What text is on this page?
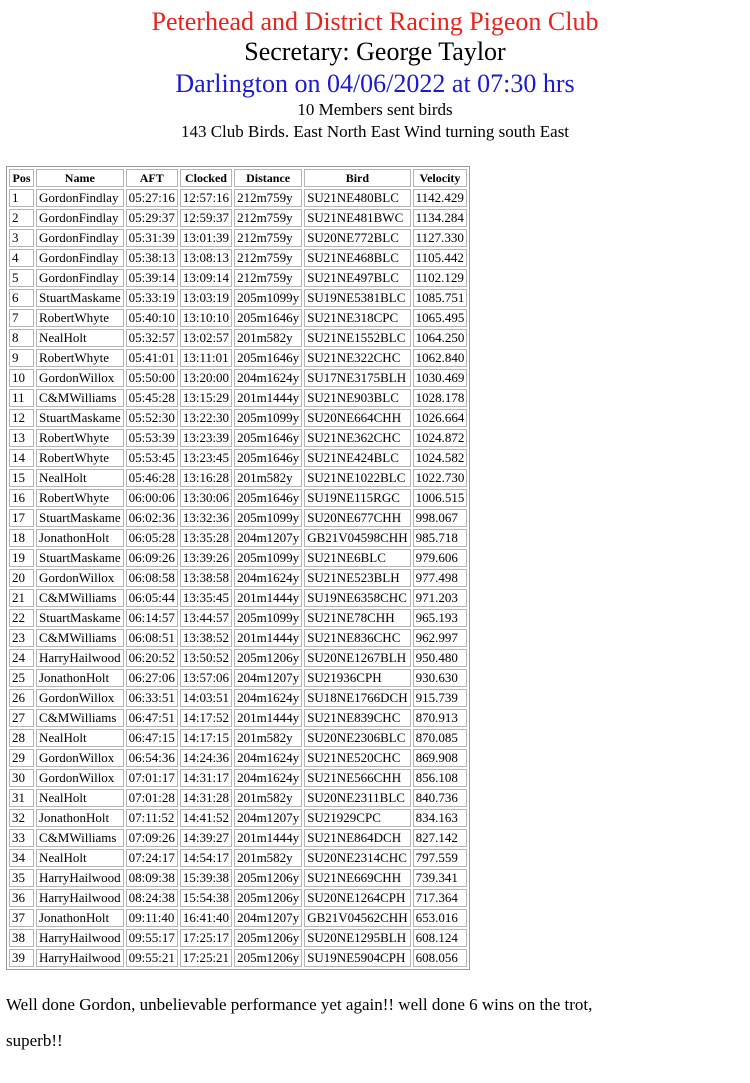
Peterhead and District Racing Pigeon Club
Secretary: George Taylor
Darlington on 04/06/2022 at 07:30 hrs
10 Members sent birds
143 Club Birds. East North East Wind turning south East
Pos	Name	AFT	Clocked	Distance	Bird	Velocity
1	GordonFindlay	05:27:16	12:57:16	212m759y	SU21NE480BLC	1142.429
2	GordonFindlay	05:29:37	12:59:37	212m759y	SU21NE481BWC	1134.284
3	GordonFindlay	05:31:39	13:01:39	212m759y	SU20NE772BLC	1127.330
4	GordonFindlay	05:38:13	13:08:13	212m759y	SU21NE468BLC	1105.442
5	GordonFindlay	05:39:14	13:09:14	212m759y	SU21NE497BLC	1102.129
6	StuartMaskame	05:33:19	13:03:19	205m1099y	SU19NE5381BLC	1085.751
7	RobertWhyte	05:40:10	13:10:10	205m1646y	SU21NE318CPC	1065.495
8	NealHolt	05:32:57	13:02:57	201m582y	SU21NE1552BLC	1064.250
9	RobertWhyte	05:41:01	13:11:01	205m1646y	SU21NE322CHC	1062.840
10	GordonWillox	05:50:00	13:20:00	204m1624y	SU17NE3175BLH	1030.469
11	C&MWilliams	05:45:28	13:15:29	201m1444y	SU21NE903BLC	1028.178
12	StuartMaskame	05:52:30	13:22:30	205m1099y	SU20NE664CHH	1026.664
13	RobertWhyte	05:53:39	13:23:39	205m1646y	SU21NE362CHC	1024.872
14	RobertWhyte	05:53:45	13:23:45	205m1646y	SU21NE424BLC	1024.582
15	NealHolt	05:46:28	13:16:28	201m582y	SU21NE1022BLC	1022.730
16	RobertWhyte	06:00:06	13:30:06	205m1646y	SU19NE115RGC	1006.515
17	StuartMaskame	06:02:36	13:32:36	205m1099y	SU20NE677CHH	998.067
18	JonathonHolt	06:05:28	13:35:28	204m1207y	GB21V04598CHH	985.718
19	StuartMaskame	06:09:26	13:39:26	205m1099y	SU21NE6BLC	979.606
20	GordonWillox	06:08:58	13:38:58	204m1624y	SU21NE523BLH	977.498
21	C&MWilliams	06:05:44	13:35:45	201m1444y	SU19NE6358CHC	971.203
22	StuartMaskame	06:14:57	13:44:57	205m1099y	SU21NE78CHH	965.193
23	C&MWilliams	06:08:51	13:38:52	201m1444y	SU21NE836CHC	962.997
24	HarryHailwood	06:20:52	13:50:52	205m1206y	SU20NE1267BLH	950.480
25	JonathonHolt	06:27:06	13:57:06	204m1207y	SU21936CPH	930.630
26	GordonWillox	06:33:51	14:03:51	204m1624y	SU18NE1766DCH	915.739
27	C&MWilliams	06:47:51	14:17:52	201m1444y	SU21NE839CHC	870.913
28	NealHolt	06:47:15	14:17:15	201m582y	SU20NE2306BLC	870.085
29	GordonWillox	06:54:36	14:24:36	204m1624y	SU21NE520CHC	869.908
30	GordonWillox	07:01:17	14:31:17	204m1624y	SU21NE566CHH	856.108
31	NealHolt	07:01:28	14:31:28	201m582y	SU20NE2311BLC	840.736
32	JonathonHolt	07:11:52	14:41:52	204m1207y	SU21929CPC	834.163
33	C&MWilliams	07:09:26	14:39:27	201m1444y	SU21NE864DCH	827.142
34	NealHolt	07:24:17	14:54:17	201m582y	SU20NE2314CHC	797.559
35	HarryHailwood	08:09:38	15:39:38	205m1206y	SU21NE669CHH	739.341
36	HarryHailwood	08:24:38	15:54:38	205m1206y	SU20NE1264CPH	717.364
37	JonathonHolt	09:11:40	16:41:40	204m1207y	GB21V04562CHH	653.016
38	HarryHailwood	09:55:17	17:25:17	205m1206y	SU20NE1295BLH	608.124
39	HarryHailwood	09:55:21	17:25:21	205m1206y	SU19NE5904CPH	608.056
Well done Gordon, unbelievable performance yet again!! well done 6 wins on the trot, superb!!
